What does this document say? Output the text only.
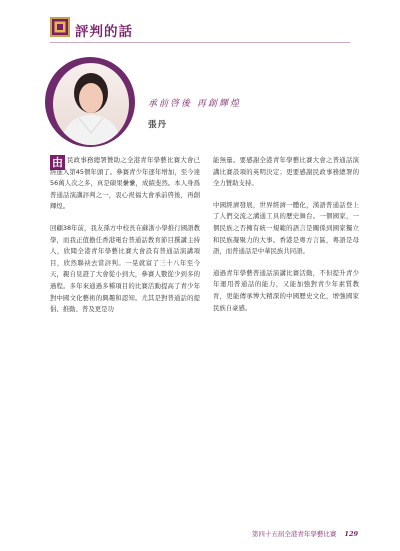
評判的話
承前啓後 再創輝煌
張丹
由 民政事務總署贊助之全港青年學藝比賽大會已經進入第45個年頭了。參賽青少年逐年增加，至今達56萬人次之多，真是碩果纍纍，成績斐然。本人身爲普通話演講評判之一，衷心祝福大會承前啓後，再創輝煌。

回顧38年前，我友孫方中校長在蘇浙小學推行國語教學，而我正值擔任香港電台普通話教育節目撰講主持人，欣聞全港青年學藝比賽大會設有普通話演講項目，欣然聯袂去當評判。一晃就富了三十八年至今天，親自見證了大會從小到大，參賽人數從少到多的過程。多年來通過多種項目的比賽活動提高了青少年對中國文化藝術的興趣和認知。尤其是對普通話的提倡、推動、普及更是功

能無量。要感謝全港青年學藝比賽大會之普通話演講比賽設項的英明決定；更要感謝民政事務總署的全力贊助支持。

中國經濟發展，世界經濟一體化，漢語普通話登上了人們交流之溝通工具的歷史舞台。一個國家，一個民族之否擁有統一規範的語言是關係到國家獨立和民族凝聚力的大事。香港是粵方言區，粵語是母語，而普通話是中華民族共同語。

通過青年學藝普通話演講比賽活動，不但提升青少年運用普通話的能力，又能加強對青少年素質教育，更能傳承博大精深的中國歷史文化，增強國家民族自豪感。

第四十五屆全港青年學藝比賽 129
